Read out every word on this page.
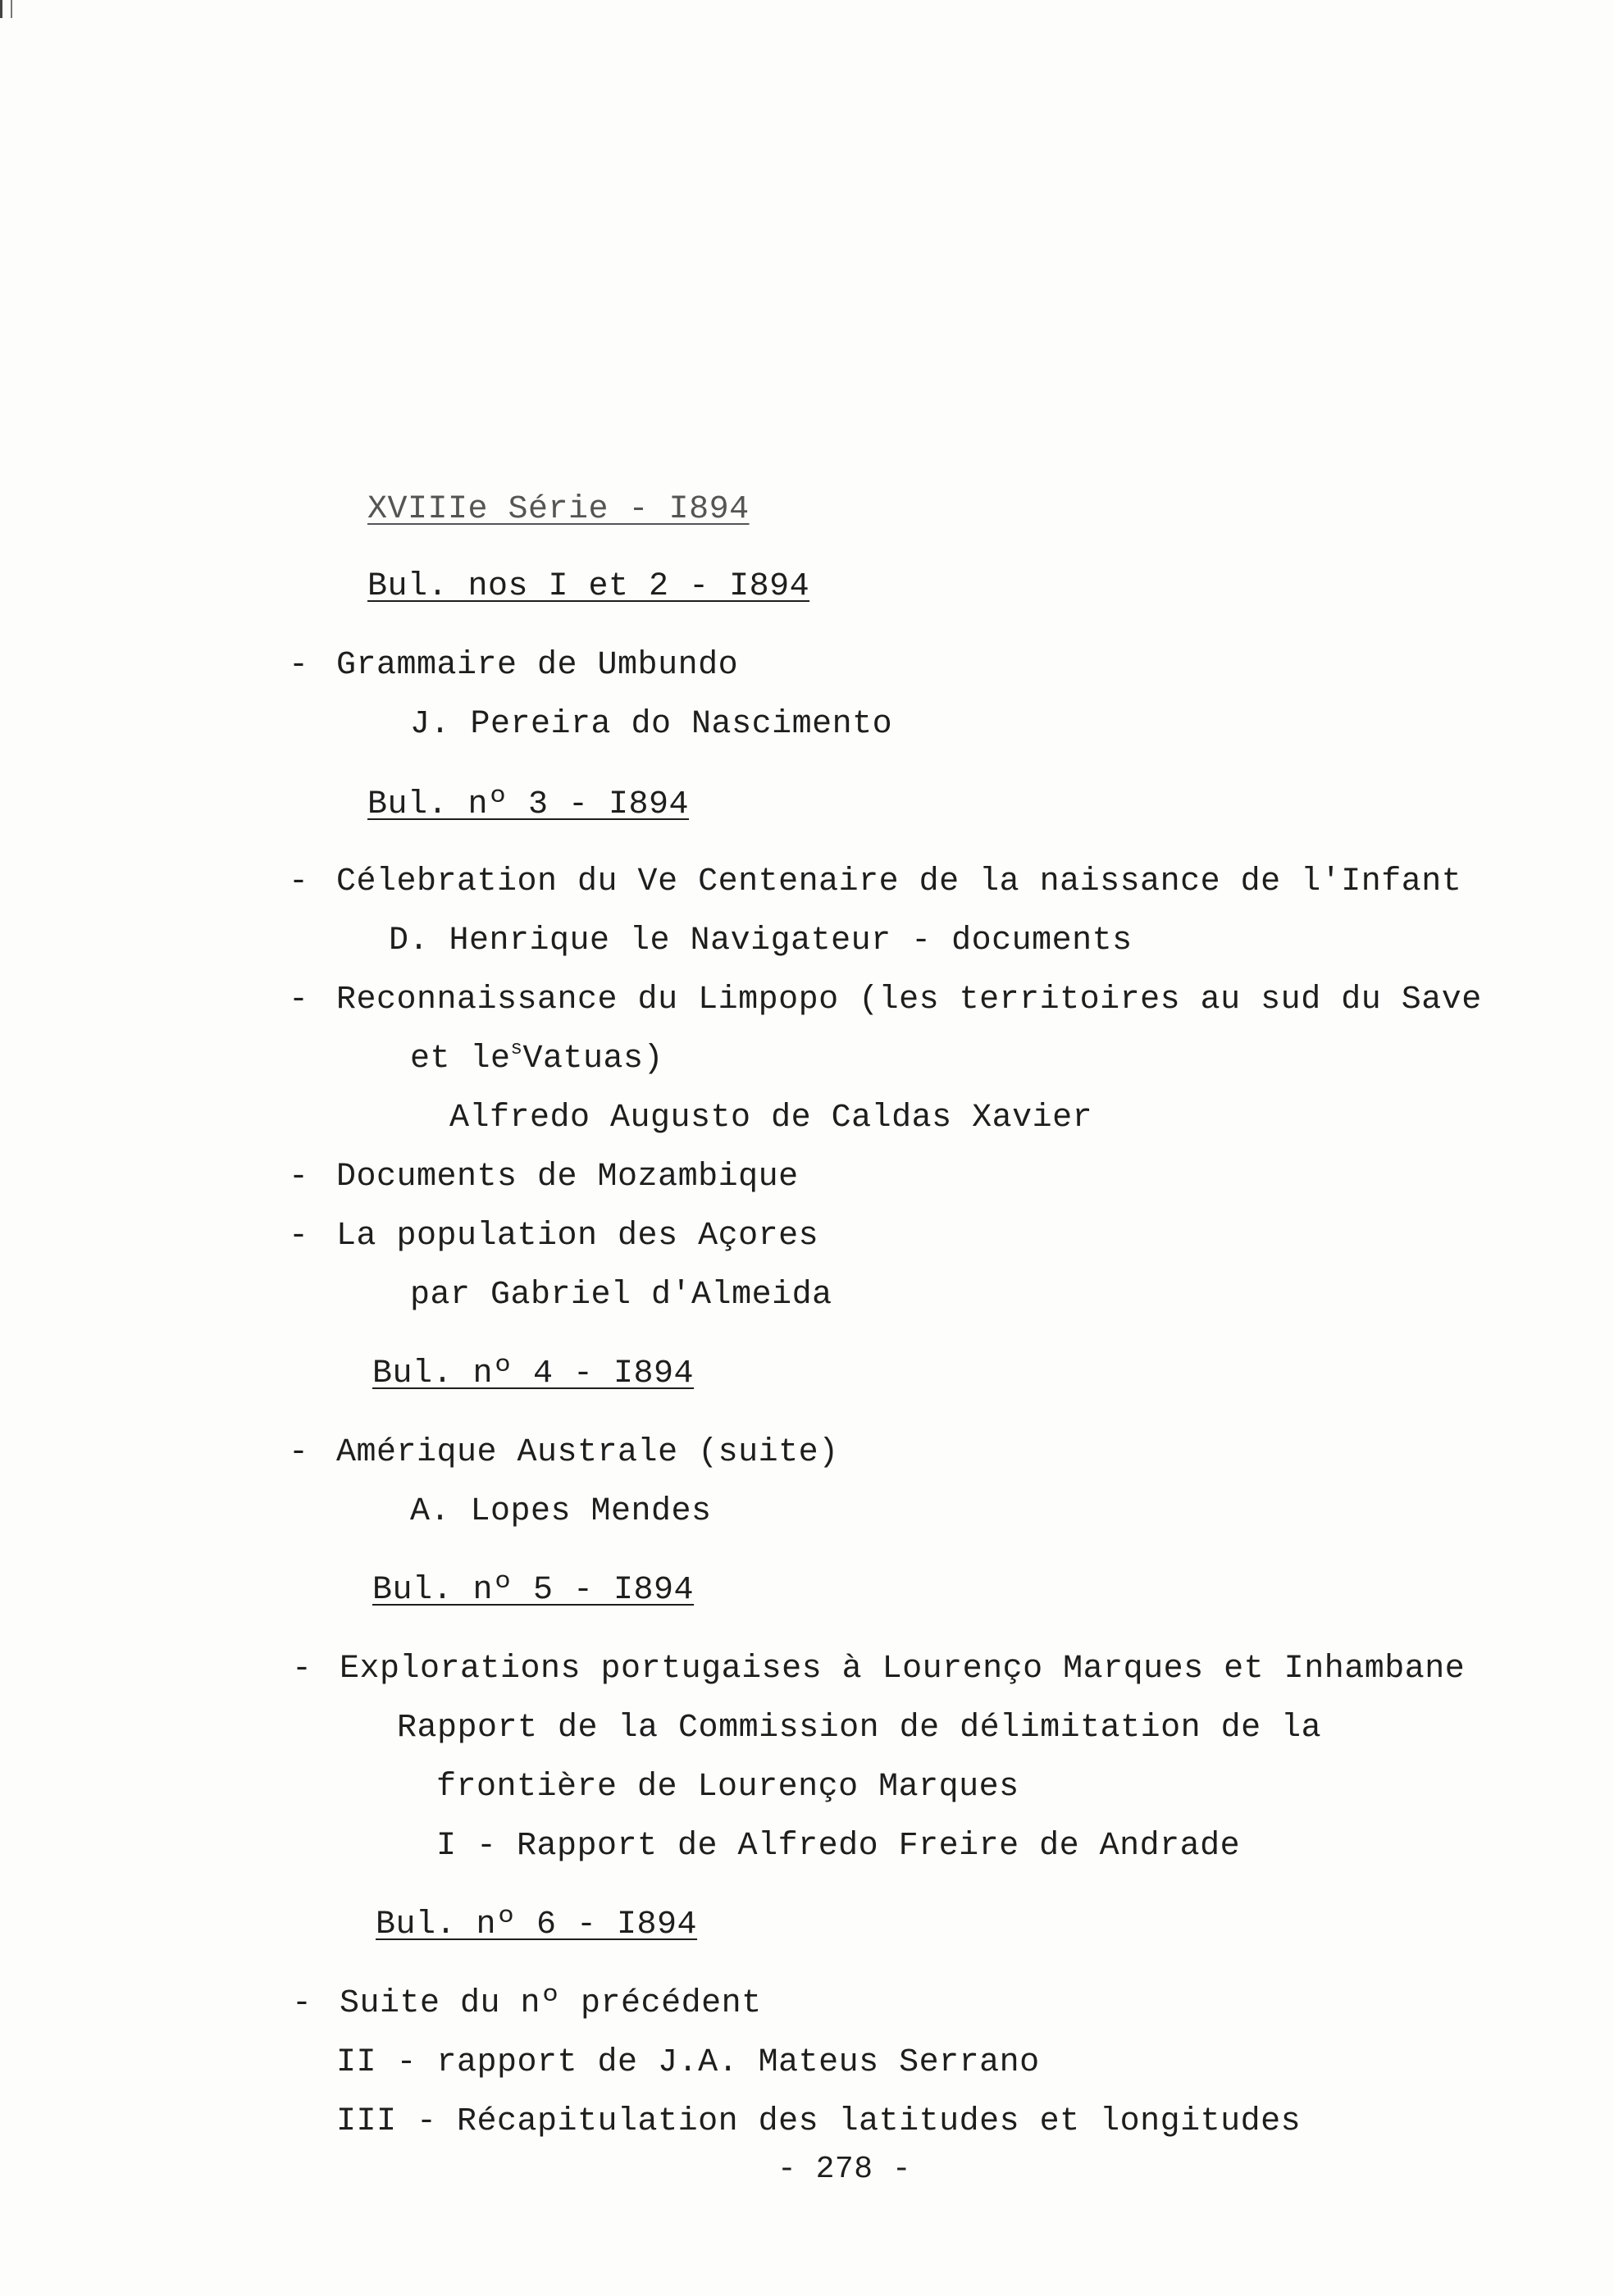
XVIIIe Série - I894
Bul. nos I et 2 - I894
- Grammaire de Umbundo
J. Pereira do Nascimento
Bul. nº 3 - I894
- Célebration du Ve Centenaire de la naissance de l'Infant
D. Henrique le Navigateur - documents
- Reconnaissance du Limpopo (les territoires au sud du Save
et $le^sVatuas$)
Alfredo Augusto de Caldas Xavier
- Documents de Mozambique
- La population des Açores
par Gabriel d'Almeida
Bul. nº 4 - I894
- Amérique Australe (suite)
A. Lopes Mendes
Bul. nº 5 - I894
- Explorations portugaises à Lourenço Marques et Inhambane
Rapport de la Commission de délimitation de la
frontière de Lourenço Marques
I - Rapport de Alfredo Freire de Andrade
Bul. nº 6 - I894
- Suite du nº précédent
II - rapport de J.A. Mateus Serrano
III - Récapitulation des latitudes et longitudes
- 278 -
